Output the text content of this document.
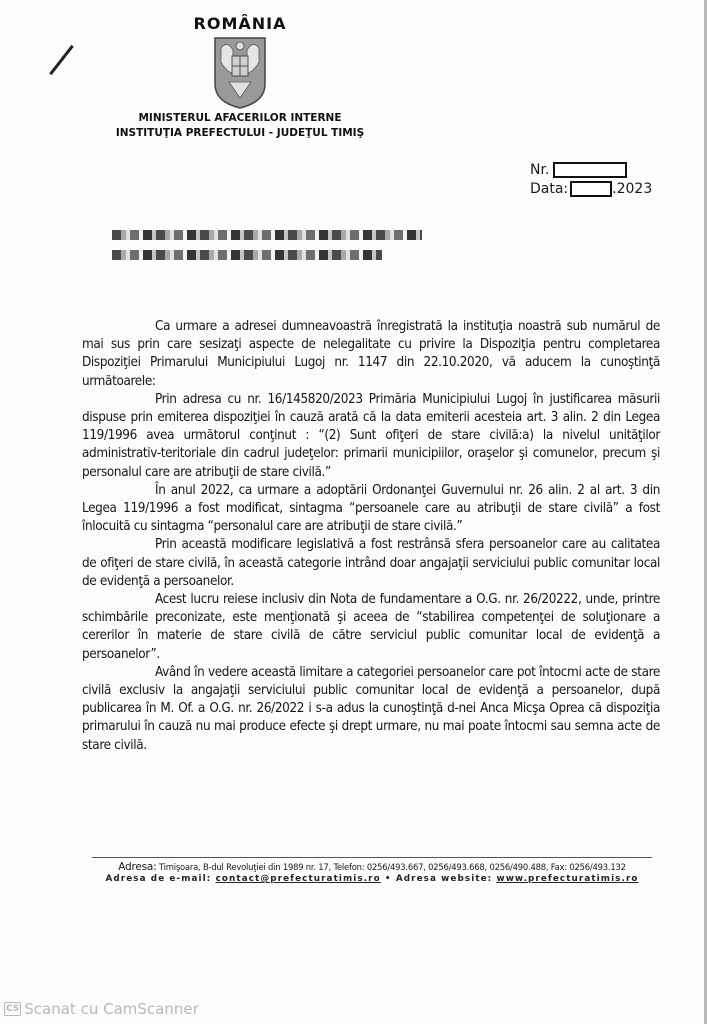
ROMÂNIA
MINISTERUL AFACERILOR INTERNE
INSTITUŢIA PREFECTULUI - JUDEŢUL TIMIŞ
Nr.
Data:	.2023

Ca urmare a adresei dumneavoastră înregistrată la instituţia noastră sub numărul de mai sus prin care sesizaţi aspecte de nelegalitate cu privire la Dispoziţia pentru completarea Dispoziţiei Primarului Municipiului Lugoj nr. 1147 din 22.10.2020, vă aducem la cunoştinţă următoarele:

Prin adresa cu nr. 16/145820/2023 Primăria Municipiului Lugoj în justificarea măsurii dispuse prin emiterea dispoziţiei în cauză arată că la data emiterii acesteia art. 3 alin. 2 din Legea 119/1996 avea următorul conţinut : “(2) Sunt ofiţeri de stare civilă:a) la nivelul unităţilor administrativ-teritoriale din cadrul judeţelor: primarii municipiilor, oraşelor şi comunelor, precum şi personalul care are atribuţii de stare civilă.”

În anul 2022, ca urmare a adoptării Ordonanţei Guvernului nr. 26 alin. 2 al art. 3 din Legea 119/1996 a fost modificat, sintagma “persoanele care au atribuţii de stare civilă” a fost înlocuită cu sintagma “personalul care are atribuţii de stare civilă.”

Prin această modificare legislativă a fost restrânsă sfera persoanelor care au calitatea de ofiţeri de stare civilă, în această categorie intrând doar angajaţii serviciului public comunitar local de evidenţă a persoanelor.

Acest lucru reiese inclusiv din Nota de fundamentare a O.G. nr. 26/20222, unde, printre schimbările preconizate, este menţionată şi aceea de “stabilirea competenţei de soluţionare a cererilor în materie de stare civilă de către serviciul public comunitar local de evidenţă a persoanelor”.

Având în vedere această limitare a categoriei persoanelor care pot întocmi acte de stare civilă exclusiv la angajaţii serviciului public comunitar local de evidenţă a persoanelor, după publicarea în M. Of. a O.G. nr. 26/2022 i s-a adus la cunoştinţă d-nei Anca Micşa Oprea că dispoziţia primarului în cauză nu mai produce efecte şi drept urmare, nu mai poate întocmi sau semna acte de stare civilă.

Adresa: Timişoara, B-dul Revoluţiei din 1989 nr. 17, Telefon: 0256/493.667, 0256/493.668, 0256/490.488, Fax: 0256/493.132
Adresa de e-mail: contact@prefecturatimis.ro • Adresa website: www.prefecturatimis.ro
CS Scanat cu CamScanner
